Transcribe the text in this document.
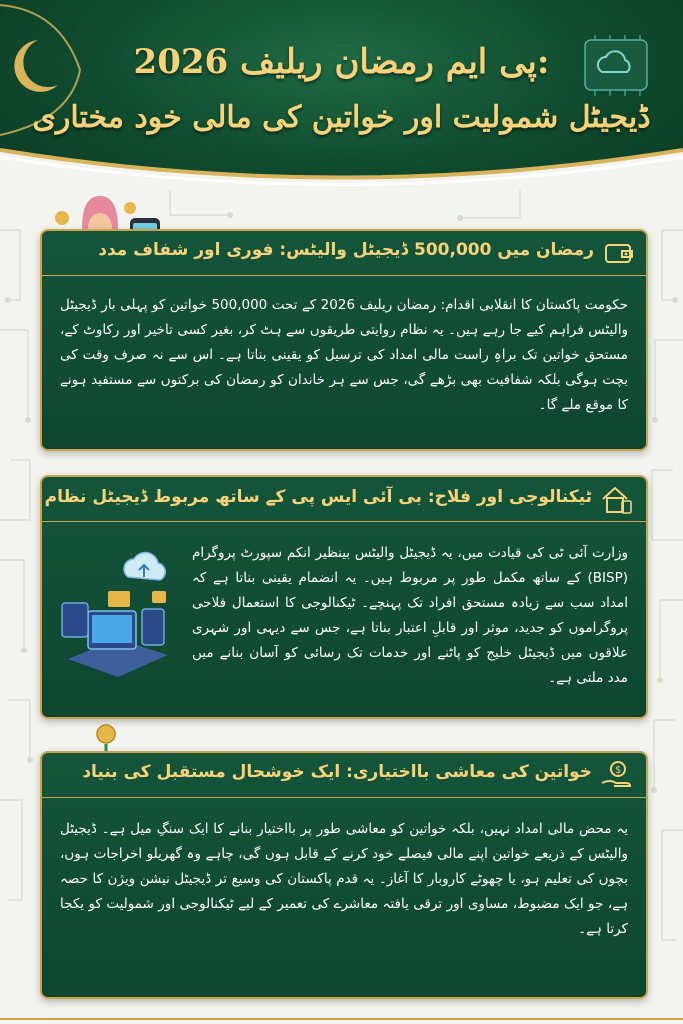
پی ایم رمضان ریلیف 2026:
ڈیجیٹل شمولیت اور خواتین کی مالی خود مختاری
رمضان میں 500,000 ڈیجیٹل والیٹس: فوری اور شفاف مدد
حکومت پاکستان کا انقلابی اقدام: رمضان ریلیف 2026 کے تحت 500,000 خواتین کو پہلی بار ڈیجیٹل والیٹس فراہم کیے جا رہے ہیں۔ یہ نظام روایتی طریقوں سے ہٹ کر، بغیر کسی تاخیر اور رکاوٹ کے، مستحق خواتین تک براہِ راست مالی امداد کی ترسیل کو یقینی بناتا ہے۔ اس سے نہ صرف وقت کی بچت ہوگی بلکہ شفافیت بھی بڑھے گی، جس سے ہر خاندان کو رمضان کی برکتوں سے مستفید ہونے کا موقع ملے گا۔
ٹیکنالوجی اور فلاح: بی آئی ایس پی کے ساتھ مربوط ڈیجیٹل نظام
وزارت آئی ٹی کی قیادت میں، یہ ڈیجیٹل والیٹس بینظیر انکم سپورٹ پروگرام (BISP) کے ساتھ مکمل طور پر مربوط ہیں۔ یہ انضمام یقینی بناتا ہے کہ امداد سب سے زیادہ مستحق افراد تک پہنچے۔ ٹیکنالوجی کا استعمال فلاحی پروگراموں کو جدید، موثر اور قابلِ اعتبار بناتا ہے، جس سے دیہی اور شہری علاقوں میں ڈیجیٹل خلیج کو پاٹنے اور خدمات تک رسائی کو آسان بنانے میں مدد ملتی ہے۔
$
خواتین کی معاشی بااختیاری: ایک خوشحال مستقبل کی بنیاد
یہ محض مالی امداد نہیں، بلکہ خواتین کو معاشی طور پر بااختیار بنانے کا ایک سنگِ میل ہے۔ ڈیجیٹل والیٹس کے ذریعے خواتین اپنے مالی فیصلے خود کرنے کے قابل ہوں گی، چاہے وہ گھریلو اخراجات ہوں، بچوں کی تعلیم ہو، یا چھوٹے کاروبار کا آغاز۔ یہ قدم پاکستان کی وسیع تر ڈیجیٹل نیشن ویژن کا حصہ ہے، جو ایک مضبوط، مساوی اور ترقی یافتہ معاشرے کی تعمیر کے لیے ٹیکنالوجی اور شمولیت کو یکجا کرتا ہے۔
